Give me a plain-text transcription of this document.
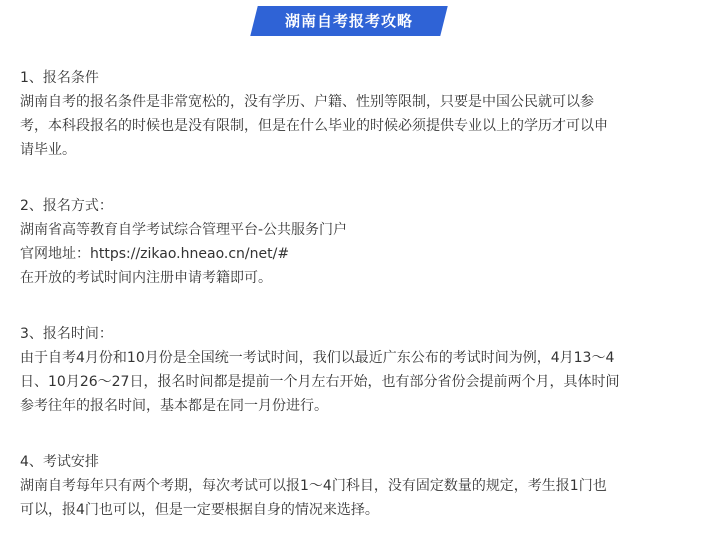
湖南自考报考攻略

1、报名条件

湖南自考的报名条件是非常宽松的，没有学历、户籍、性别等限制，只要是中国公民就可以参

考，本科段报名的时候也是没有限制，但是在什么毕业的时候必须提供专业以上的学历才可以申

请毕业。

2、报名方式：

湖南省高等教育自学考试综合管理平台-公共服务门户

官网地址：https://zikao.hneao.cn/net/#

在开放的考试时间内注册申请考籍即可。

3、报名时间：

由于自考4月份和10月份是全国统一考试时间，我们以最近广东公布的考试时间为例，4月13～4

日、10月26～27日，报名时间都是提前一个月左右开始，也有部分省份会提前两个月，具体时间

参考往年的报名时间，基本都是在同一月份进行。

4、考试安排

湖南自考每年只有两个考期，每次考试可以报1～4门科目，没有固定数量的规定，考生报1门也

可以，报4门也可以，但是一定要根据自身的情况来选择。
